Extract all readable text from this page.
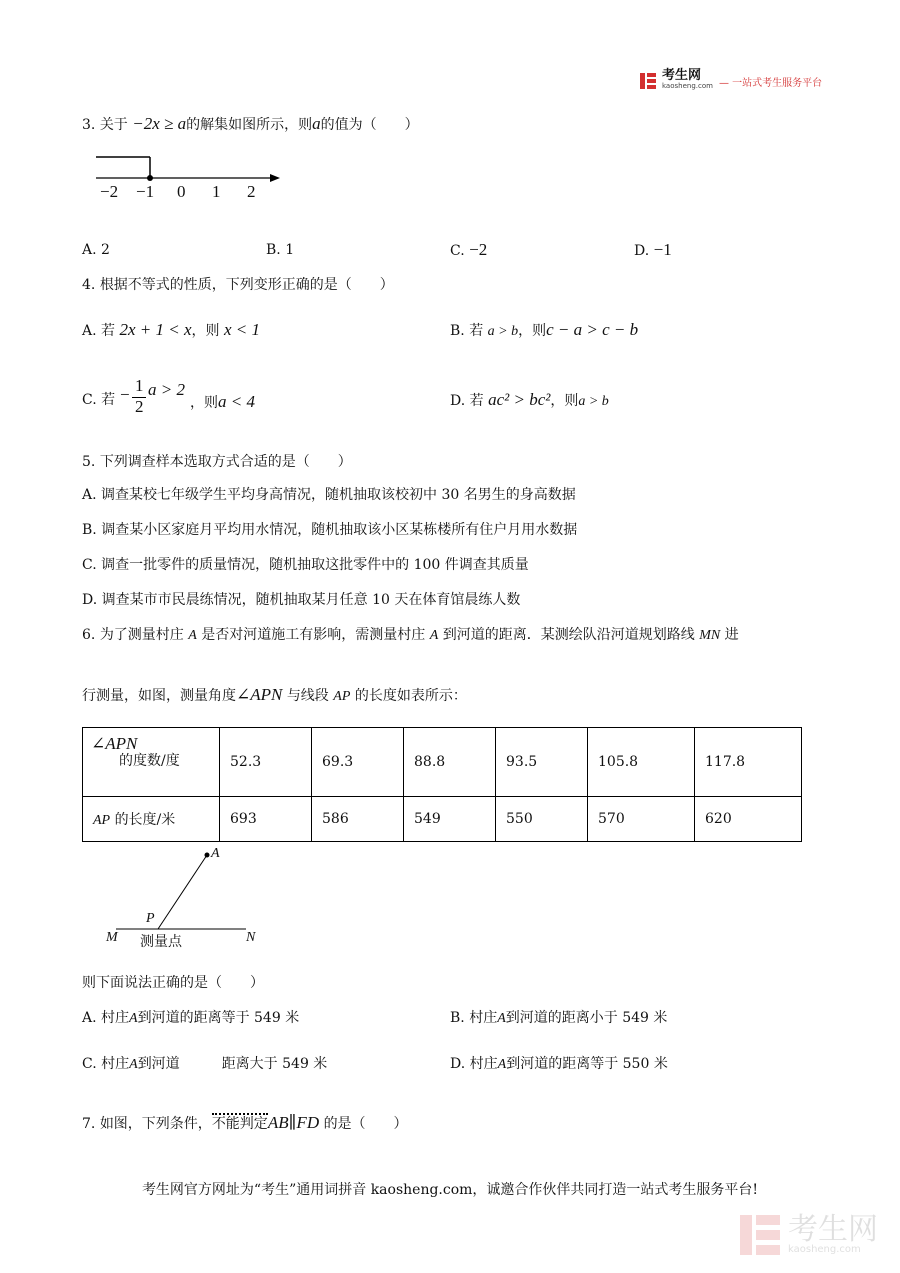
考生网
kaosheng.com — 一站式考生服务平台
3. 关于 −2x ≥ a的解集如图所示，则a的值为（　　）
−2 −1 0 1 2
A. 2	B. 1	C. −2	D. −1
4. 根据不等式的性质，下列变形正确的是（　　）
A. 若 2x + 1 < x，则 x < 1	B. 若 a > b，则c − a > c − b
C. 若 − 1
2
a > 2
，则a < 4	D. 若 ac² > bc²，则a > b
5. 下列调查样本选取方式合适的是（　　）
A. 调查某校七年级学生平均身高情况，随机抽取该校初中 30 名男生的身高数据
B. 调查某小区家庭月平均用水情况，随机抽取该小区某栋楼所有住户月用水数据
C. 调查一批零件的质量情况，随机抽取这批零件中的 100 件调查其质量
D. 调查某市市民晨练情况，随机抽取某月任意 10 天在体育馆晨练人数
6. 为了测量村庄 A 是否对河道施工有影响，需测量村庄 A 到河道的距离．某测绘队沿河道规划路线 MN 进
行测量，如图，测量角度∠APN 与线段 AP 的长度如表所示：
∠APN
的度数/度	52.3	69.3	88.8	93.5	105.8	117.8
AP 的长度/米	693	586	549	550	570	620
A
P
M	N
测量点
则下面说法正确的是（　　）
A. 村庄A到河道的距离等于 549 米	B. 村庄A到河道的距离小于 549 米
C. 村庄A到河道	距离大于 549 米	D. 村庄A到河道的距离等于 550 米
7. 如图，下列条件，不能判定AB∥FD 的是（　　）
考生网官方网址为“考生”通用词拼音 kaosheng.com，诚邀合作伙伴共同打造一站式考生服务平台!
考生网
kaosheng.com
